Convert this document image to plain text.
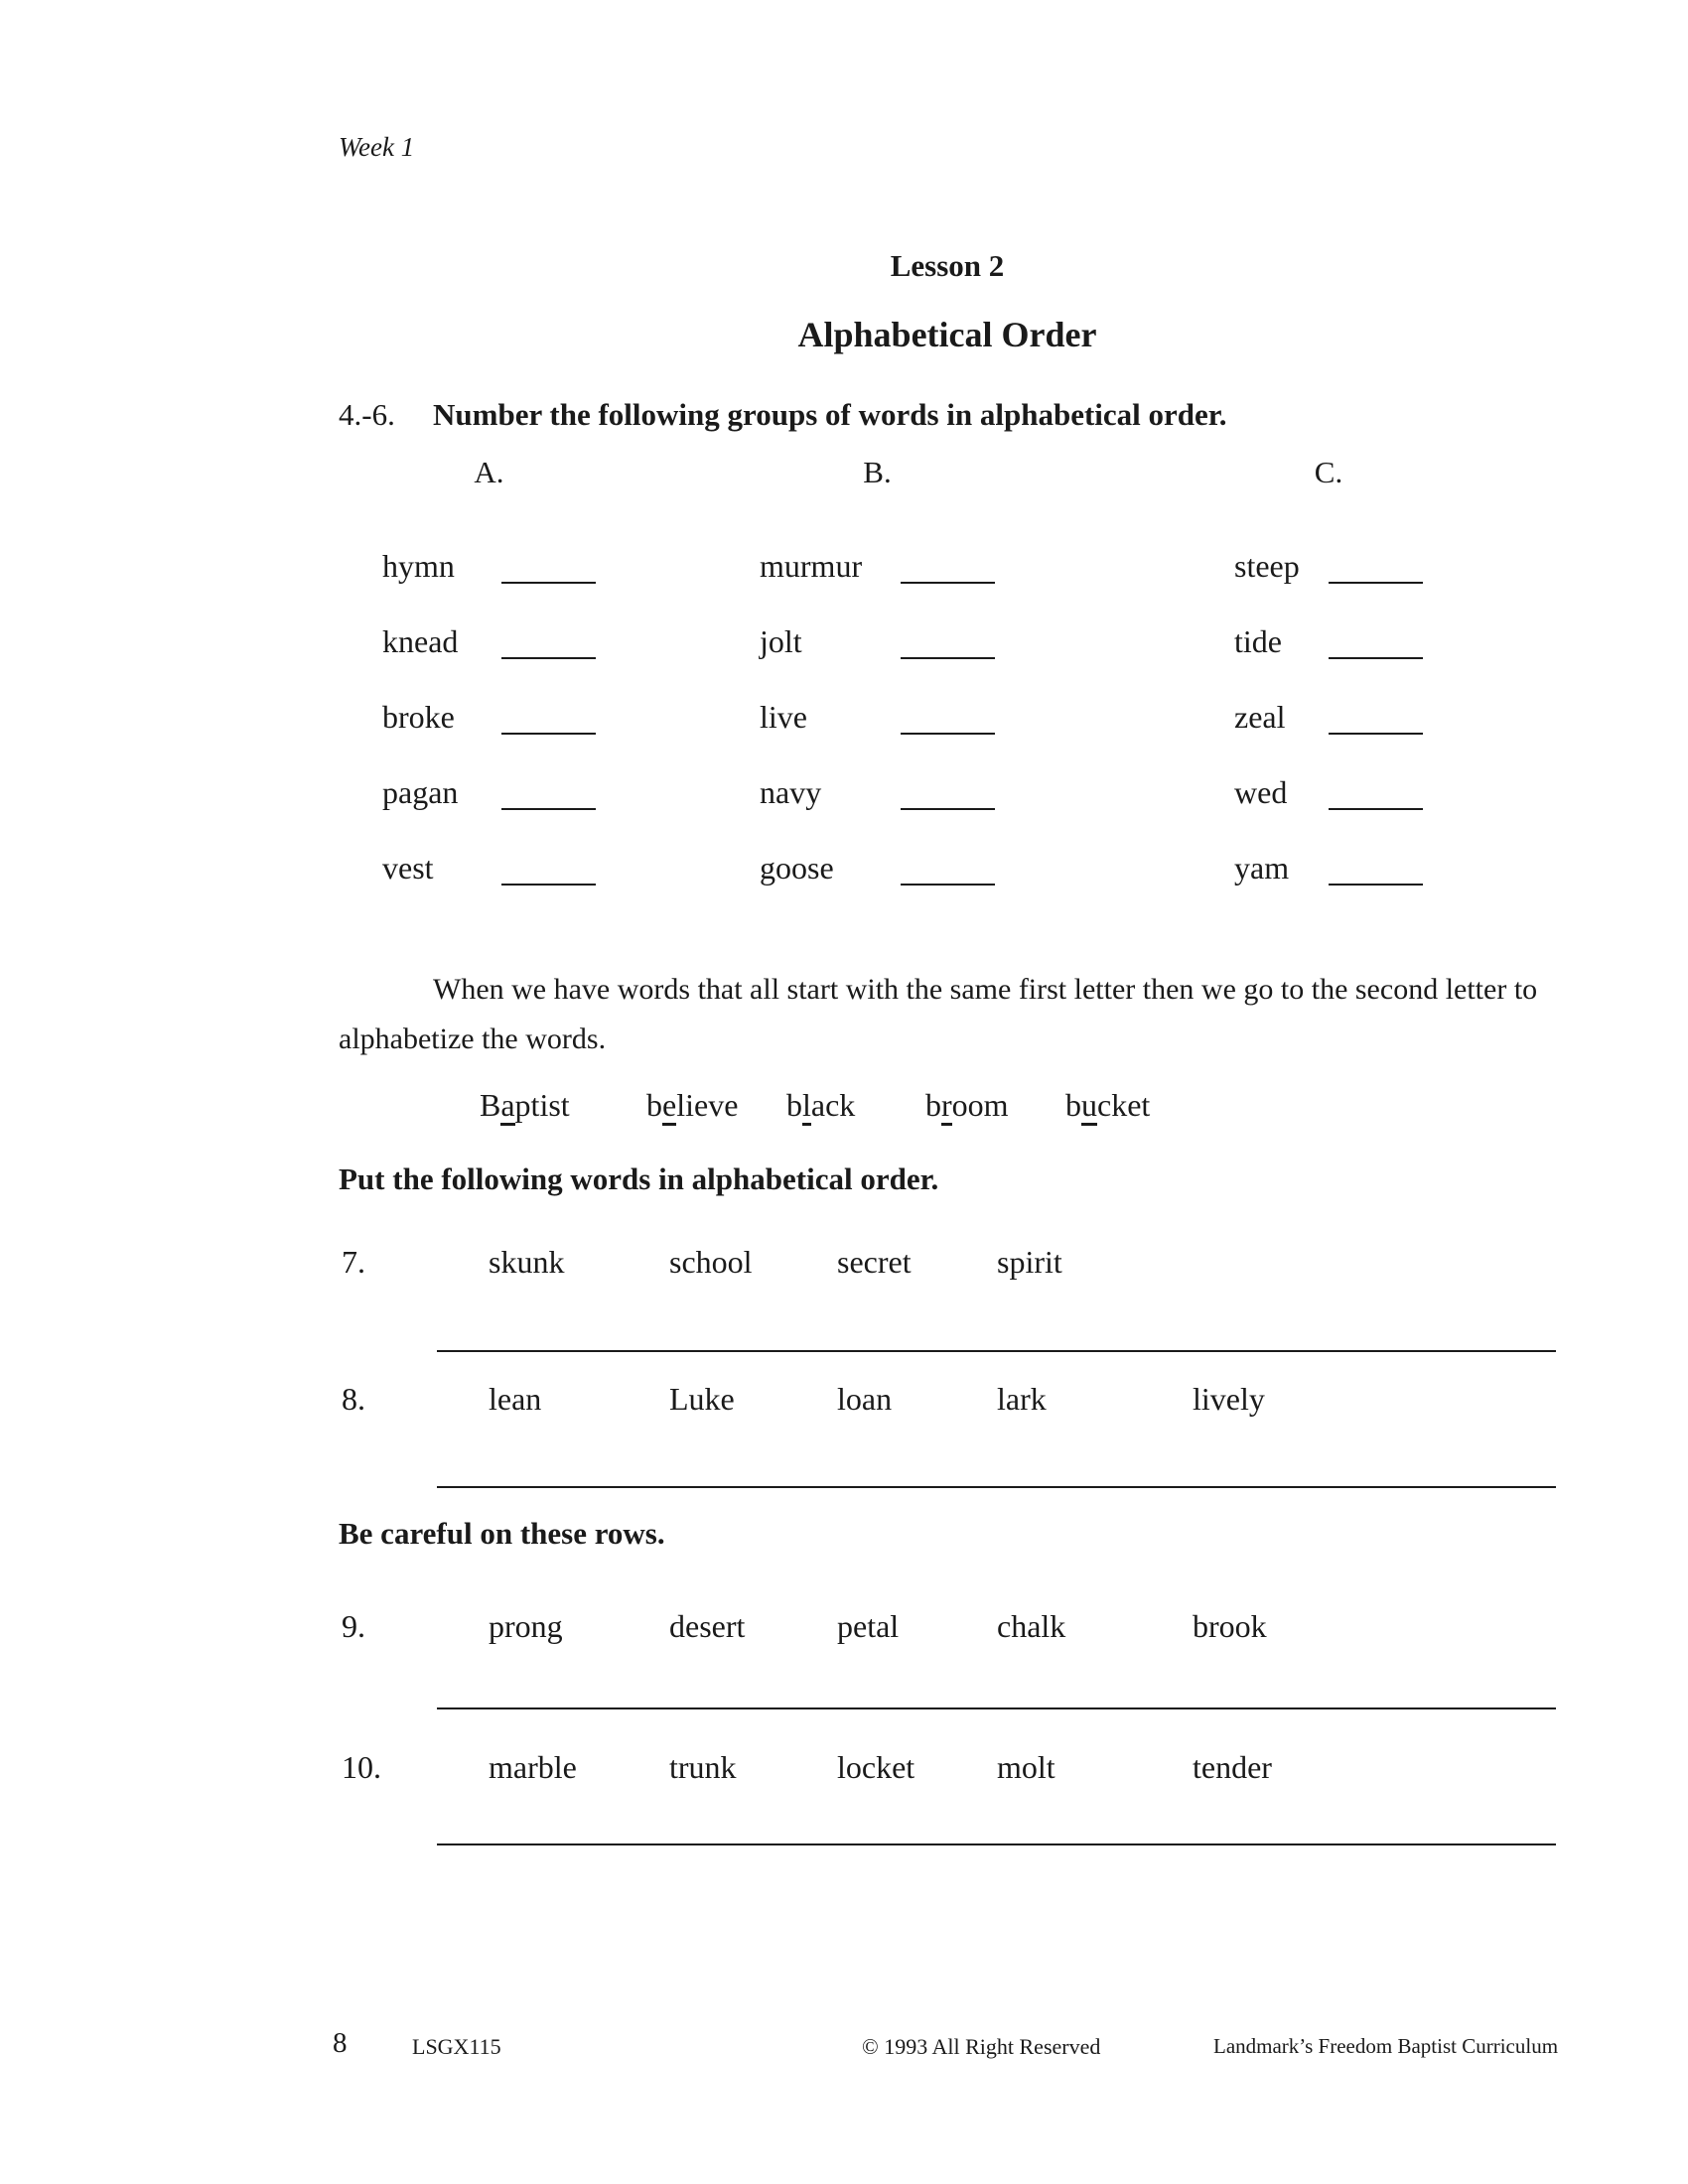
Week 1
Lesson 2
Alphabetical Order
4.-6. Number the following groups of words in alphabetical order.
A.
hymn
knead
broke
pagan
vest
B.
murmur
jolt
live
navy
goose
C.
steep
tide
zeal
wed
yam
When we have words that all start with the same first letter then we go to the second letter to
alphabetize the words.
Baptist	believe	black	broom	bucket
Put the following words in alphabetical order.
Be careful on these rows.
7.	skunk	school	secret	spirit
8.	lean	Luke	loan	lark	lively
9.	prong	desert	petal	chalk	brook
10.	marble	trunk	locket	molt	tender
8	LSGX115	© 1993 All Right Reserved	Landmark’s Freedom Baptist Curriculum
